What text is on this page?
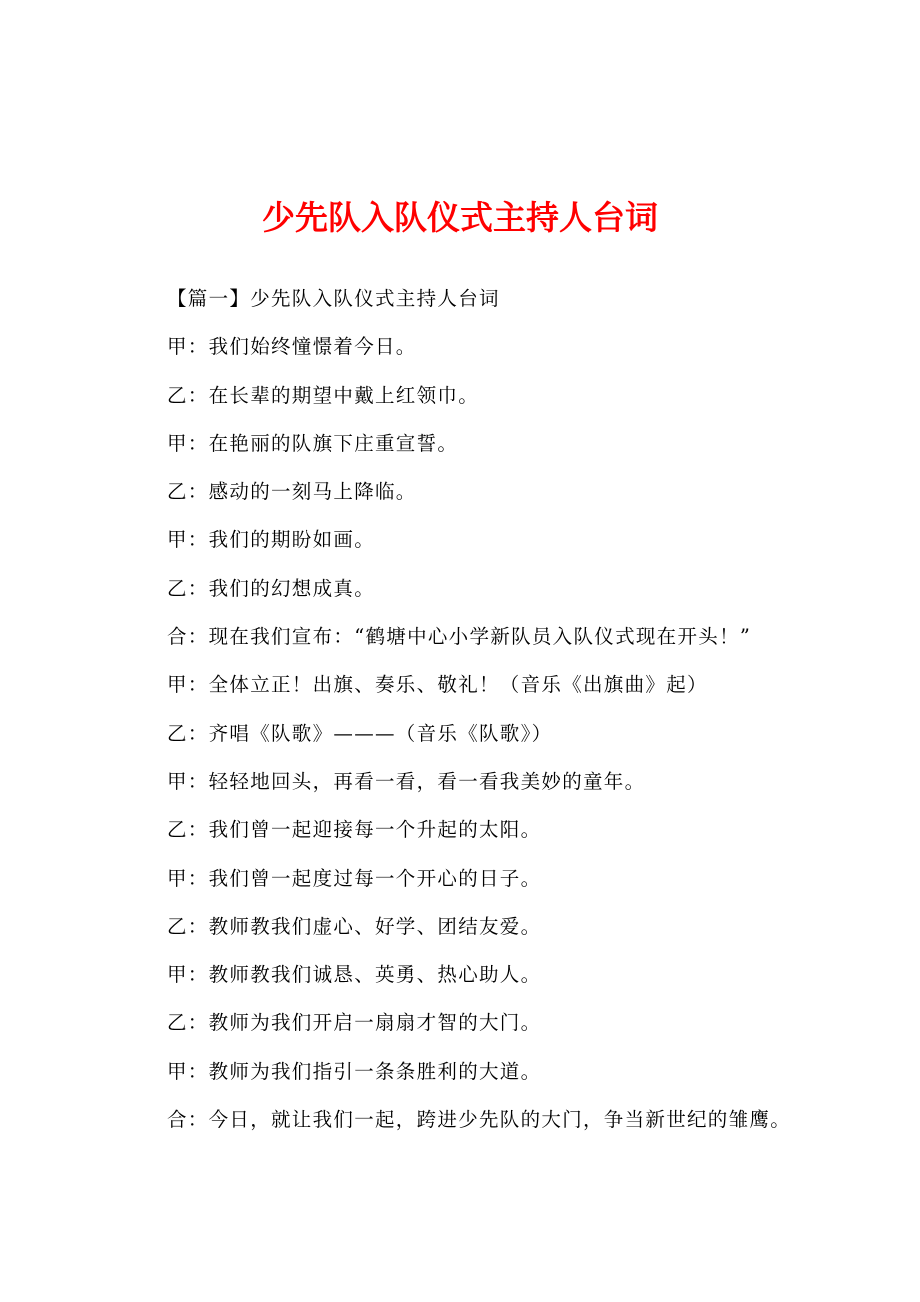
少先队入队仪式主持人台词
【篇一】少先队入队仪式主持人台词
甲：我们始终憧憬着今日。
乙：在长辈的期望中戴上红领巾。
甲：在艳丽的队旗下庄重宣誓。
乙：感动的一刻马上降临。
甲：我们的期盼如画。
乙：我们的幻想成真。
合：现在我们宣布：“鹤塘中心小学新队员入队仪式现在开头！”
甲：全体立正！出旗、奏乐、敬礼！（音乐《出旗曲》起）
乙：齐唱《队歌》———（音乐《队歌》）
甲：轻轻地回头，再看一看，看一看我美妙的童年。
乙：我们曾一起迎接每一个升起的太阳。
甲：我们曾一起度过每一个开心的日子。
乙：教师教我们虚心、好学、团结友爱。
甲：教师教我们诚恳、英勇、热心助人。
乙：教师为我们开启一扇扇才智的大门。
甲：教师为我们指引一条条胜利的大道。
合：今日，就让我们一起，跨进少先队的大门，争当新世纪的雏鹰。
